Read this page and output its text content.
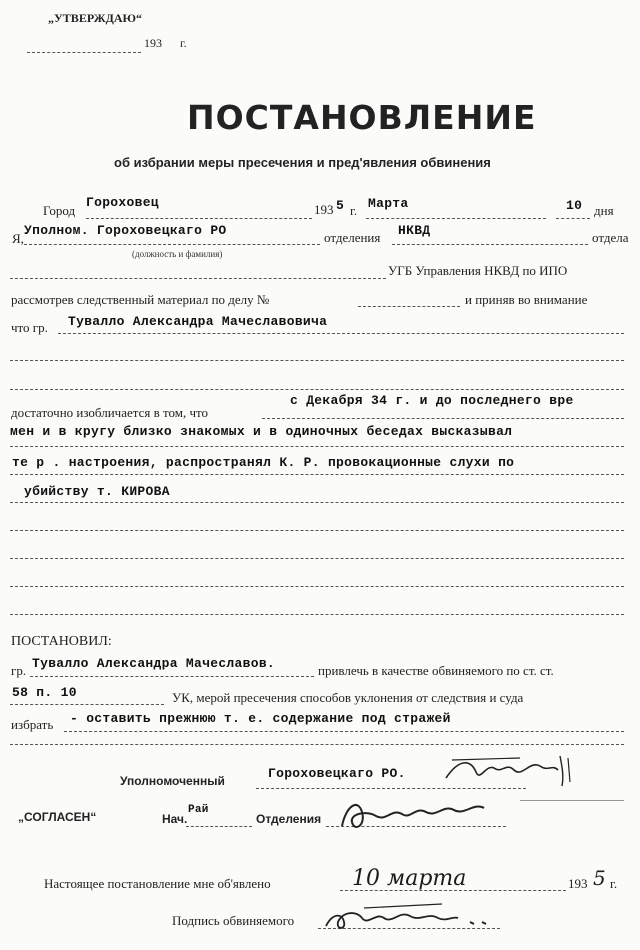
„УТВЕРЖДАЮ“
193 г.
ПОСТАНОВЛЕНИЕ
об избрании меры пресечения и пред'явления обвинения
Город
Гороховец	193 5 г. Марта	10 дня
Я,
Уполном. Гороховецкаго РО	отделения НКВД	отдела
(должность и фамилия)
УГБ Управления НКВД по ИПО
рассмотрев следственный материал по делу №	и приняв во внимание
что гр. Тувалло Александра Мачеславовича
достаточно изобличается в том, что
с Декабря 34 г. и до последнего вре
мен и в кругу близко знакомых и в одиночных беседах высказывал
те р . настроения, распространял К. Р. провокационные слухи по
убийству т. КИРОВА
ПОСТАНОВИЛ:
гр. Тувалло Александра Мачеславов.	привлечь в качестве обвиняемого по ст. ст.
58 п. 10	УК, мерой пресечения способов уклонения от следствия и суда
избрать - оставить прежнюю т. е. содержание под стражей
Уполномоченный	Гороховецкаго РО.
„СОГЛАСЕН“	Нач.
Рай
Отделения
Настоящее постановление мне об'явлено	10 марта	193 5 г.
Подпись обвиняемого
